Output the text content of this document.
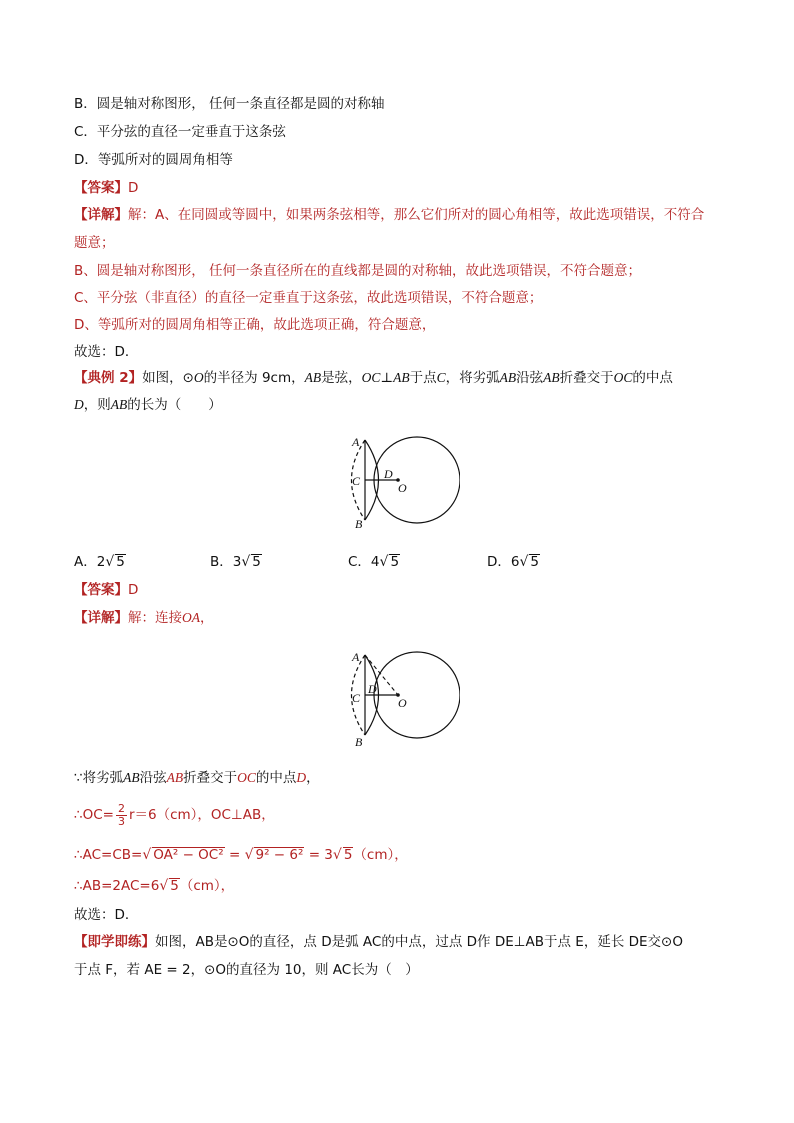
B．圆是轴对称图形， 任何一条直径都是圆的对称轴
C．平分弦的直径一定垂直于这条弦
D．等弧所对的圆周角相等
【答案】D
【详解】解：A、在同圆或等圆中，如果两条弦相等，那么它们所对的圆心角相等，故此选项错误，不符合
题意；
B、圆是轴对称图形， 任何一条直径所在的直线都是圆的对称轴，故此选项错误，不符合题意；
C、平分弦（非直径）的直径一定垂直于这条弦，故此选项错误，不符合题意；
D、等弧所对的圆周角相等正确，故此选项正确，符合题意，
故选：D．
【典例 2】如图，⊙O的半径为 9cm，AB是弦，OC⊥AB于点C，将劣弧AB沿弦AB折叠交于OC的中点
D，则AB的长为（　　）
A
C D
O
B
A．2√ 5	B．3√ 5	C．4√ 5	D．6√ 5
【答案】D
【详解】解：连接OA，
A
C
D
O
B
∵将劣弧AB沿弦AB折叠交于OC的中点D，
∴OC= $\frac{2}{3} r=6(cm)$，OC⊥AB，
∴AC=CB=√ OA² − OC² = √ 9² − 6² = 3√ 5（cm），
∴AB=2AC=6√ 5（cm），
故选：D．
【即学即练】如图，AB是⊙O的直径，点 D是弧 AC的中点，过点 D作 DE⊥AB于点 E，延长 DE交⊙O
于点 F，若 AE = 2，⊙O的直径为 10，则 AC长为（　）
